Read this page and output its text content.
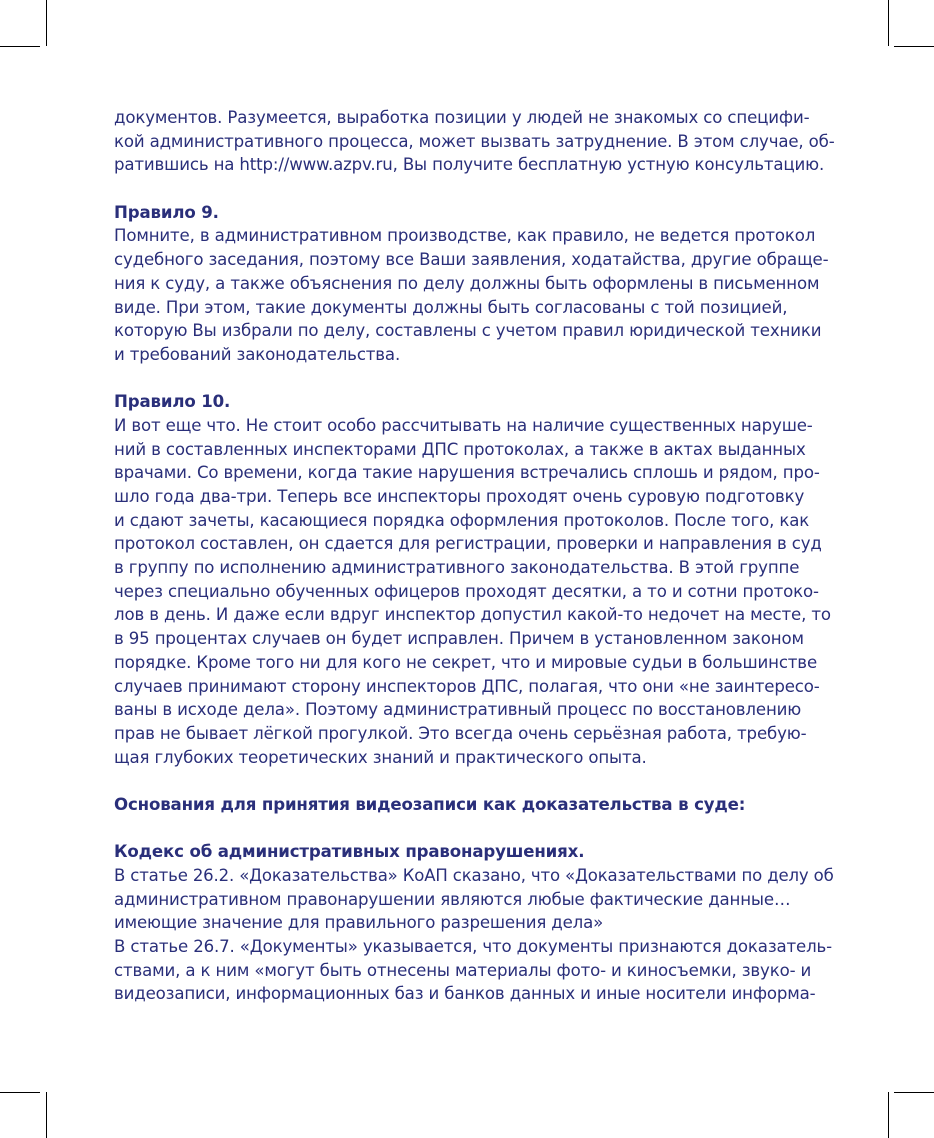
документов. Разумеется, выработка позиции у людей не знакомых со специфи-
кой административного процесса, может вызвать затруднение. В этом случае, об-
ратившись на http://www.azpv.ru, Вы получите бесплатную устную консультацию.
Правило 9.
Помните, в административном производстве, как правило, не ведется протокол
судебного заседания, поэтому все Ваши заявления, ходатайства, другие обраще-
ния к суду, а также объяснения по делу должны быть оформлены в письменном
виде. При этом, такие документы должны быть согласованы с той позицией,
которую Вы избрали по делу, составлены с учетом правил юридической техники
и требований законодательства.
Правило 10.
И вот еще что. Не стоит особо рассчитывать на наличие существенных наруше-
ний в составленных инспекторами ДПС протоколах, а также в актах выданных
врачами. Со времени, когда такие нарушения встречались сплошь и рядом, про-
шло года два-три. Теперь все инспекторы проходят очень суровую подготовку
и сдают зачеты, касающиеся порядка оформления протоколов. После того, как
протокол составлен, он сдается для регистрации, проверки и направления в суд
в группу по исполнению административного законодательства. В этой группе
через специально обученных офицеров проходят десятки, а то и сотни протоко-
лов в день. И даже если вдруг инспектор допустил какой-то недочет на месте, то
в 95 процентах случаев он будет исправлен. Причем в установленном законом
порядке. Кроме того ни для кого не секрет, что и мировые судьи в большинстве
случаев принимают сторону инспекторов ДПС, полагая, что они «не заинтересо-
ваны в исходе дела». Поэтому административный процесс по восстановлению
прав не бывает лёгкой прогулкой. Это всегда очень серьёзная работа, требую-
щая глубоких теоретических знаний и практического опыта.
Основания для принятия видеозаписи как доказательства в суде:
Кодекс об административных правонарушениях.
В статье 26.2. «Доказательства» КоАП сказано, что «Доказательствами по делу об
административном правонарушении являются любые фактические данные…
имеющие значение для правильного разрешения дела»
В статье 26.7. «Документы» указывается, что документы признаются доказатель-
ствами, а к ним «могут быть отнесены материалы фото- и киносъемки, звуко- и
видеозаписи, информационных баз и банков данных и иные носители информа-
